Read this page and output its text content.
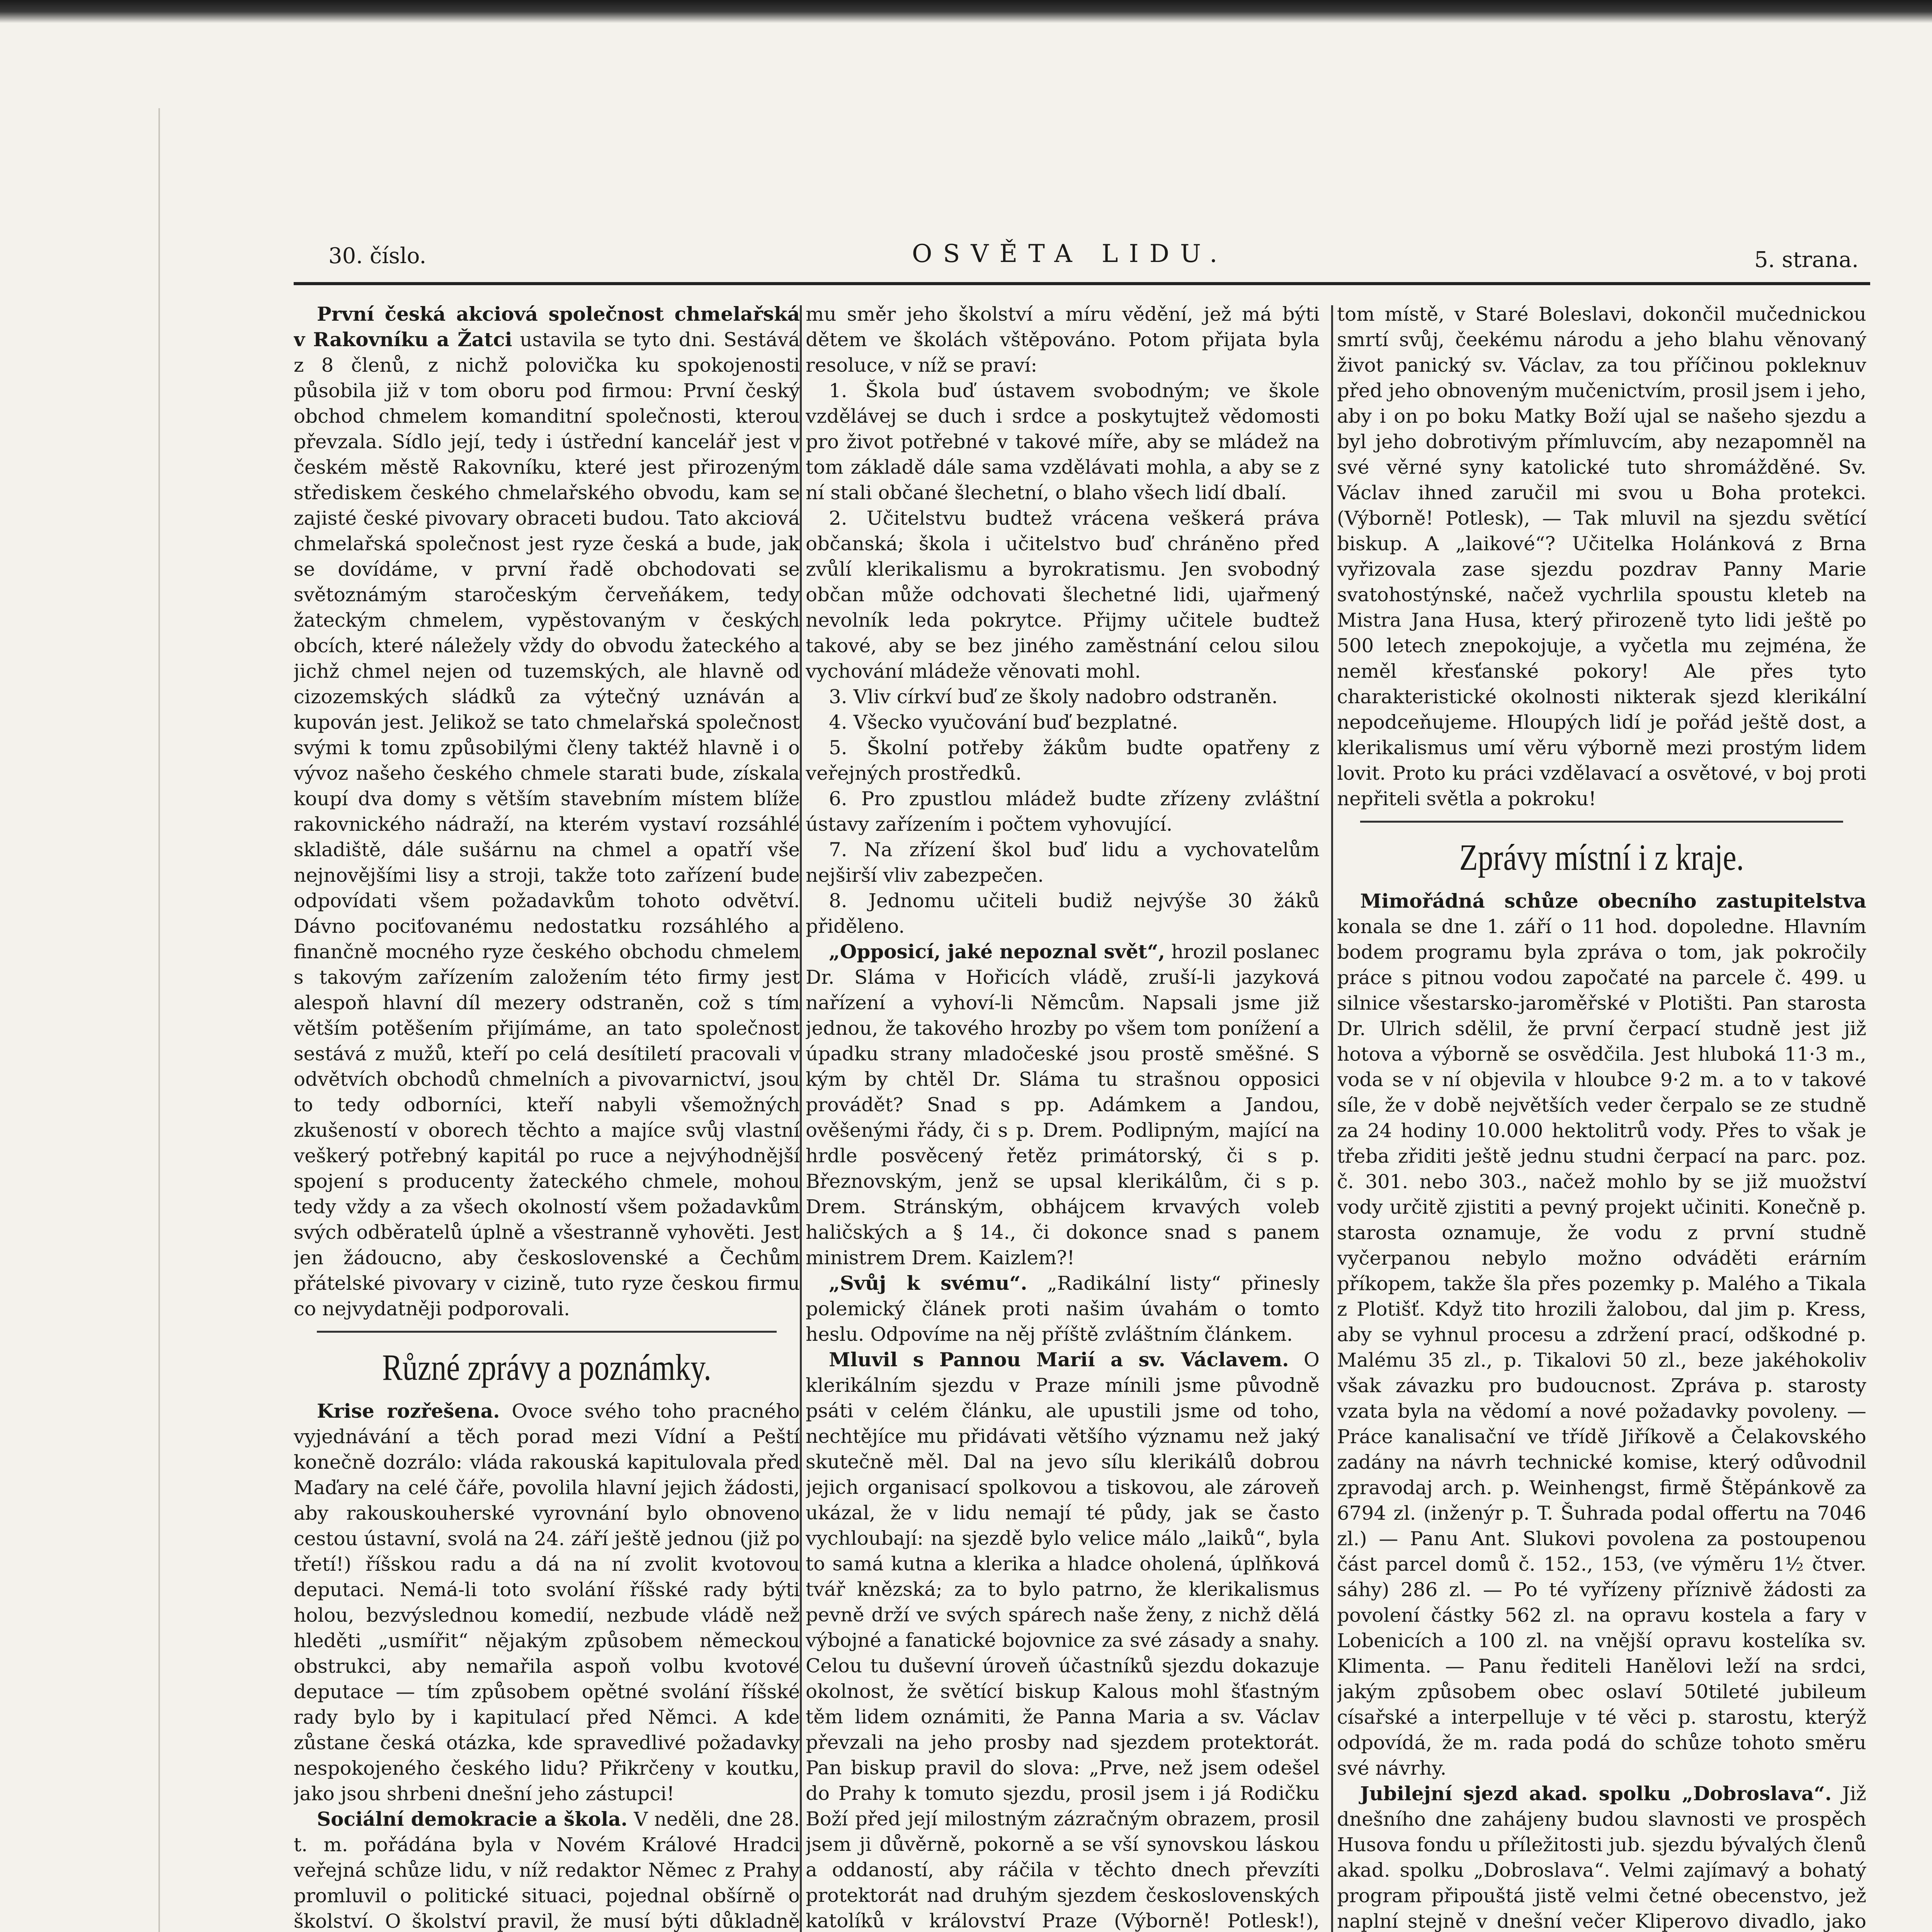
30. číslo.	OSVĚTA LIDU.	5. strana.

První česká akciová společnost chmelařská v Rakovníku a Žatci ustavila se tyto dni. Sestává z 8 členů, z nichž polovička ku spokojenosti působila již v tom oboru pod firmou: První český obchod chmelem komanditní společnosti, kterou převzala. Sídlo její, tedy i ústřední kancelář jest v českém městě Rakovníku, které jest přirozeným střediskem českého chmelařského obvodu, kam se zajisté české pivovary obraceti budou. Tato akciová chmelařská společnost jest ryze česká a bude, jak se dovídáme, v první řadě obchodovati se světoznámým staročeským červeňákem, tedy žateckým chmelem, vypěstovaným v českých obcích, které náležely vždy do obvodu žateckého a jichž chmel nejen od tuzemských, ale hlavně od cizozemských sládků za výtečný uznáván a kupován jest. Jelikož se tato chmelařská společnost svými k tomu způsobilými členy taktéž hlavně i o vývoz našeho českého chmele starati bude, získala koupí dva domy s větším stavebním místem blíže rakovnického nádraží, na kterém vystaví rozsáhlé skladiště, dále sušárnu na chmel a opatří vše nejnovějšími lisy a stroji, takže toto zařízení bude odpovídati všem požadavkům tohoto odvětví. Dávno pociťovanému nedostatku rozsáhlého a finančně mocného ryze českého obchodu chmelem s takovým zařízením založením této firmy jest alespoň hlavní díl mezery odstraněn, což s tím větším potěšením přijímáme, an tato společnost sestává z mužů, kteří po celá desítiletí pracovali v odvětvích obchodů chmelních a pivovarnictví, jsou to tedy odborníci, kteří nabyli všemožných zkušeností v oborech těchto a majíce svůj vlastní veškerý potřebný kapitál po ruce a nejvýhodnější spojení s producenty žateckého chmele, mohou tedy vždy a za všech okolností všem požadavkům svých odběratelů úplně a všestranně vyhověti. Jest jen žádoucno, aby československé a Čechům přátelské pivovary v cizině, tuto ryze českou firmu co nejvydatněji podporovali.

Různé zprávy a poznámky.

Krise rozřešena. Ovoce svého toho pracného vyjednávání a těch porad mezi Vídní a Peští konečně dozrálo: vláda rakouská kapitulovala před Maďary na celé čáře, povolila hlavní jejich žádosti, aby rakouskouherské vyrovnání bylo obnoveno cestou ústavní, svolá na 24. září ještě jednou (již po třetí!) říšskou radu a dá na ní zvolit kvotovou deputaci. Nemá-li toto svolání říšské rady býti holou, bezvýslednou komedií, nezbude vládě než hleděti „usmířit“ nějakým způsobem německou obstrukci, aby nemařila aspoň volbu kvotové deputace — tím způsobem opětné svolání říšské rady bylo by i kapitulací před Němci. A kde zůstane česká otázka, kde spravedlivé požadavky nespokojeného českého lidu? Přikrčeny v koutku, jako jsou shrbeni dnešní jeho zástupci!

Sociální demokracie a škola. V neděli, dne 28. t. m. pořádána byla v Novém Králové Hradci veřejná schůze lidu, v níž redaktor Němec z Prahy promluvil o politické situaci, pojednal obšírně o školství. O školství pravil, že musí býti důkladně

mu směr jeho školství a míru vědění, jež má býti dětem ve školách vštěpováno. Potom přijata byla resoluce, v níž se praví:

1. Škola buď ústavem svobodným; ve škole vzdělávej se duch i srdce a poskytujtež vědomosti pro život potřebné v takové míře, aby se mládež na tom základě dále sama vzdělávati mohla, a aby se z ní stali občané šlechetní, o blaho všech lidí dbalí.

2. Učitelstvu budtež vrácena veškerá práva občanská; škola i učitelstvo buď chráněno před zvůlí klerikalismu a byrokratismu. Jen svobodný občan může odchovati šlechetné lidi, ujařmený nevolník leda pokrytce. Přijmy učitele budtež takové, aby se bez jiného zaměstnání celou silou vychování mládeže věnovati mohl.

3. Vliv církví buď ze školy nadobro odstraněn.

4. Všecko vyučování buď bezplatné.

5. Školní potřeby žákům budte opatřeny z veřejných prostředků.

6. Pro zpustlou mládež budte zřízeny zvláštní ústavy zařízením i počtem vyhovující.

7. Na zřízení škol buď lidu a vychovatelům nejširší vliv zabezpečen.

8. Jednomu učiteli budiž nejvýše 30 žáků přiděleno.

„Opposicí, jaké nepoznal svět“, hrozil poslanec Dr. Sláma v Hořicích vládě, zruší-li jazyková nařízení a vyhoví-li Němcům. Napsali jsme již jednou, že takového hrozby po všem tom ponížení a úpadku strany mladočeské jsou prostě směšné. S kým by chtěl Dr. Sláma tu strašnou opposici provádět? Snad s pp. Adámkem a Jandou, ověšenými řády, či s p. Drem. Podlipným, mající na hrdle posvěcený řetěz primátorský, či s p. Březnovským, jenž se upsal klerikálům, či s p. Drem. Stránským, obhájcem krvavých voleb haličských a § 14., či dokonce snad s panem ministrem Drem. Kaizlem?!

„Svůj k svému“. „Radikální listy“ přinesly polemický článek proti našim úvahám o tomto heslu. Odpovíme na něj příště zvláštním článkem.

Mluvil s Pannou Marií a sv. Václavem. O klerikálním sjezdu v Praze mínili jsme původně psáti v celém článku, ale upustili jsme od toho, nechtějíce mu přidávati většího významu než jaký skutečně měl. Dal na jevo sílu klerikálů dobrou jejich organisací spolkovou a tiskovou, ale zároveň ukázal, že v lidu nemají té půdy, jak se často vychloubají: na sjezdě bylo velice málo „laiků“, byla to samá kutna a klerika a hladce oholená, úplňková tvář knězská; za to bylo patrno, že klerikalismus pevně drží ve svých spárech naše ženy, z nichž dělá výbojné a fanatické bojovnice za své zásady a snahy. Celou tu duševní úroveň účastníků sjezdu dokazuje okolnost, že světící biskup Kalous mohl šťastným těm lidem oznámiti, že Panna Maria a sv. Václav převzali na jeho prosby nad sjezdem protektorát. Pan biskup pravil do slova: „Prve, než jsem odešel do Prahy k tomuto sjezdu, prosil jsem i já Rodičku Boží před její milostným zázračným obrazem, prosil jsem ji důvěrně, pokorně a se vší synovskou láskou a oddaností, aby ráčila v těchto dnech převzíti protektorát nad druhým sjezdem československých katolíků v království Praze (Výborně! Potlesk!),

tom místě, v Staré Boleslavi, dokončil mučednickou smrtí svůj, čeekému národu a jeho blahu věnovaný život panický sv. Václav, za tou příčinou pokleknuv před jeho obnoveným mučenictvím, prosil jsem i jeho, aby i on po boku Matky Boží ujal se našeho sjezdu a byl jeho dobrotivým přímluvcím, aby nezapomněl na své věrné syny katolické tuto shromážděné. Sv. Václav ihned zaručil mi svou u Boha protekci. (Výborně! Potlesk), — Tak mluvil na sjezdu světící biskup. A „laikové“? Učitelka Holánková z Brna vyřizovala zase sjezdu pozdrav Panny Marie svatohostýnské, načež vychrlila spoustu kleteb na Mistra Jana Husa, který přirozeně tyto lidi ještě po 500 letech znepokojuje, a vyčetla mu zejména, že neměl křesťanské pokory! Ale přes tyto charakteristické okolnosti nikterak sjezd klerikální nepodceňujeme. Hloupých lidí je pořád ještě dost, a klerikalismus umí věru výborně mezi prostým lidem lovit. Proto ku práci vzdělavací a osvětové, v boj proti nepřiteli světla a pokroku!

Zprávy místní i z kraje.

Mimořádná schůze obecního zastupitelstva konala se dne 1. září o 11 hod. dopoledne. Hlavním bodem programu byla zpráva o tom, jak pokročily práce s pitnou vodou započaté na parcele č. 499. u silnice všestarsko-jaroměřské v Plotišti. Pan starosta Dr. Ulrich sdělil, že první čerpací studně jest již hotova a výborně se osvědčila. Jest hluboká 11·3 m., voda se v ní objevila v hloubce 9·2 m. a to v takové síle, že v době největších veder čerpalo se ze studně za 24 hodiny 10.000 hektolitrů vody. Přes to však je třeba zřiditi ještě jednu studni čerpací na parc. poz. č. 301. nebo 303., načež mohlo by se již muožství vody určitě zjistiti a pevný projekt učiniti. Konečně p. starosta oznamuje, že vodu z první studně vyčerpanou nebylo možno odváděti erárním příkopem, takže šla přes pozemky p. Malého a Tikala z Plotišť. Když tito hrozili žalobou, dal jim p. Kress, aby se vyhnul procesu a zdržení prací, odškodné p. Malému 35 zl., p. Tikalovi 50 zl., beze jakéhokoliv však závazku pro budoucnost. Zpráva p. starosty vzata byla na vědomí a nové požadavky povoleny. — Práce kanalisační ve třídě Jiříkově a Čelakovského zadány na návrh technické komise, který odůvodnil zpravodaj arch. p. Weinhengst, firmě Štěpánkově za 6794 zl. (inženýr p. T. Šuhrada podal offertu na 7046 zl.) — Panu Ant. Slukovi povolena za postoupenou část parcel domů č. 152., 153, (ve výměru 1½ čtver. sáhy) 286 zl. — Po té vyřízeny příznivě žádosti za povolení částky 562 zl. na opravu kostela a fary v Lobenicích a 100 zl. na vnější opravu kostelíka sv. Klimenta. — Panu řediteli Hanělovi leží na srdci, jakým způsobem obec oslaví 50tileté jubileum císařské a interpelluje v té věci p. starostu, kterýž odpovídá, že m. rada podá do schůze tohoto směru své návrhy.

Jubilejní sjezd akad. spolku „Dobroslava“. Již dnešního dne zahájeny budou slavnosti ve prospěch Husova fondu u příležitosti jub. sjezdu bývalých členů akad. spolku „Dobroslava“. Velmi zajímavý a bohatý program připouštá jistě velmi četné obecenstvo, jež naplní stejně v dnešní večer Kliperovo divadlo, jako
